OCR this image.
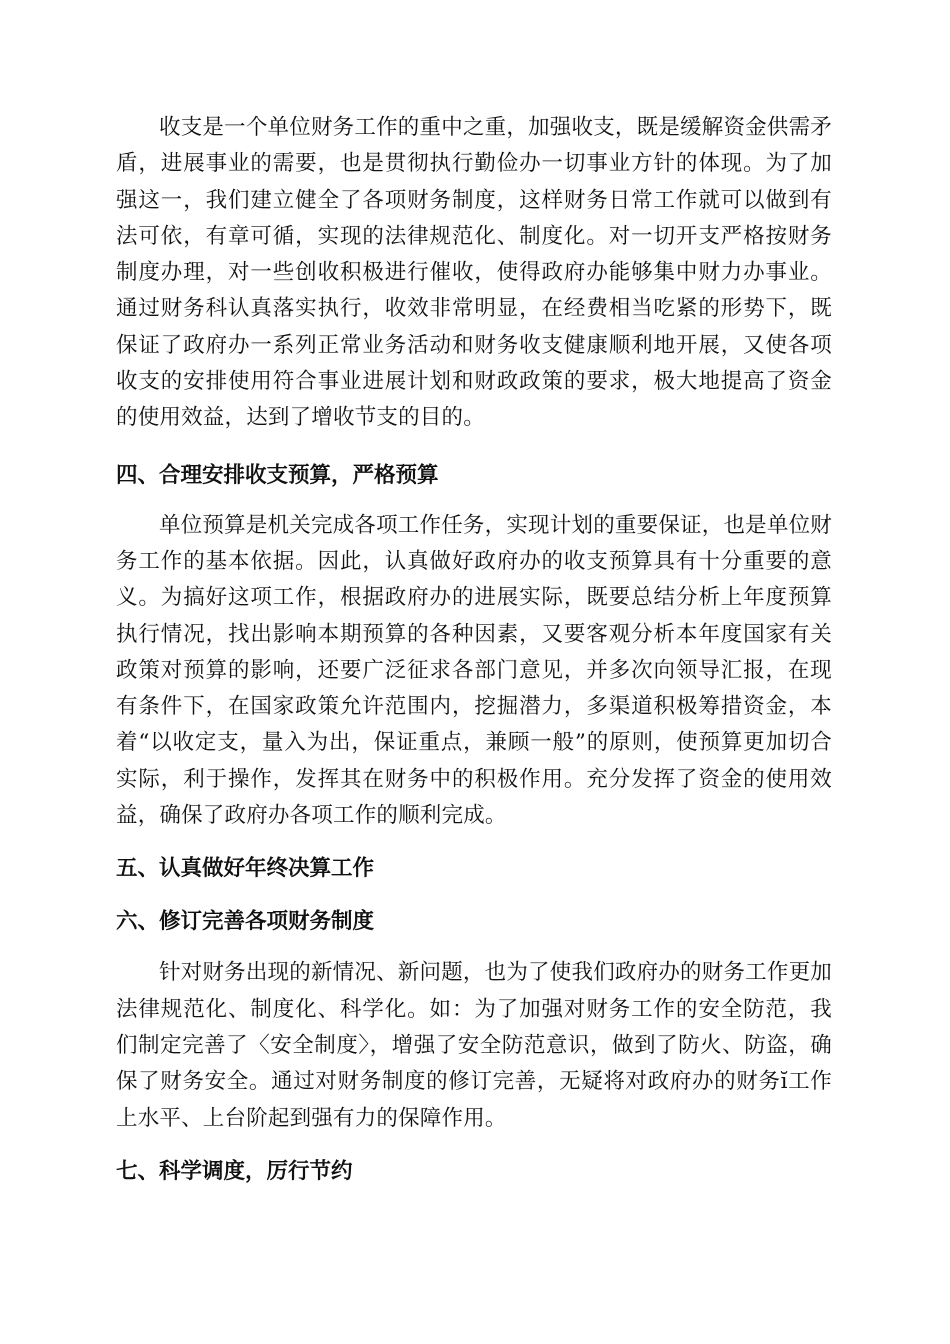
收支是一个单位财务工作的重中之重，加强收支，既是缓解资金供需矛盾，进展事业的需要，也是贯彻执行勤俭办一切事业方针的体现。为了加强这一，我们建立健全了各项财务制度，这样财务日常工作就可以做到有法可依，有章可循，实现的法律规范化、制度化。对一切开支严格按财务制度办理，对一些创收积极进行催收，使得政府办能够集中财力办事业。通过财务科认真落实执行，收效非常明显，在经费相当吃紧的形势下，既保证了政府办一系列正常业务活动和财务收支健康顺利地开展，又使各项收支的安排使用符合事业进展计划和财政政策的要求，极大地提高了资金的使用效益，达到了增收节支的目的。

四、合理安排收支预算，严格预算

单位预算是机关完成各项工作任务，实现计划的重要保证，也是单位财务工作的基本依据。因此，认真做好政府办的收支预算具有十分重要的意义。为搞好这项工作，根据政府办的进展实际，既要总结分析上年度预算执行情况，找出影响本期预算的各种因素，又要客观分析本年度国家有关政策对预算的影响，还要广泛征求各部门意见，并多次向领导汇报，在现有条件下，在国家政策允许范围内，挖掘潜力，多渠道积极筹措资金，本着“以收定支，量入为出，保证重点，兼顾一般”的原则，使预算更加切合实际，利于操作，发挥其在财务中的积极作用。充分发挥了资金的使用效益，确保了政府办各项工作的顺利完成。

五、认真做好年终决算工作
六、修订完善各项财务制度

针对财务出现的新情况、新问题，也为了使我们政府办的财务工作更加法律规范化、制度化、科学化。如：为了加强对财务工作的安全防范，我们制定完善了〈安全制度〉，增强了安全防范意识，做到了防火、防盗，确保了财务安全。通过对财务制度的修订完善，无疑将对政府办的财务ĭ工作上水平、上台阶起到强有力的保障作用。

七、科学调度，厉行节约
